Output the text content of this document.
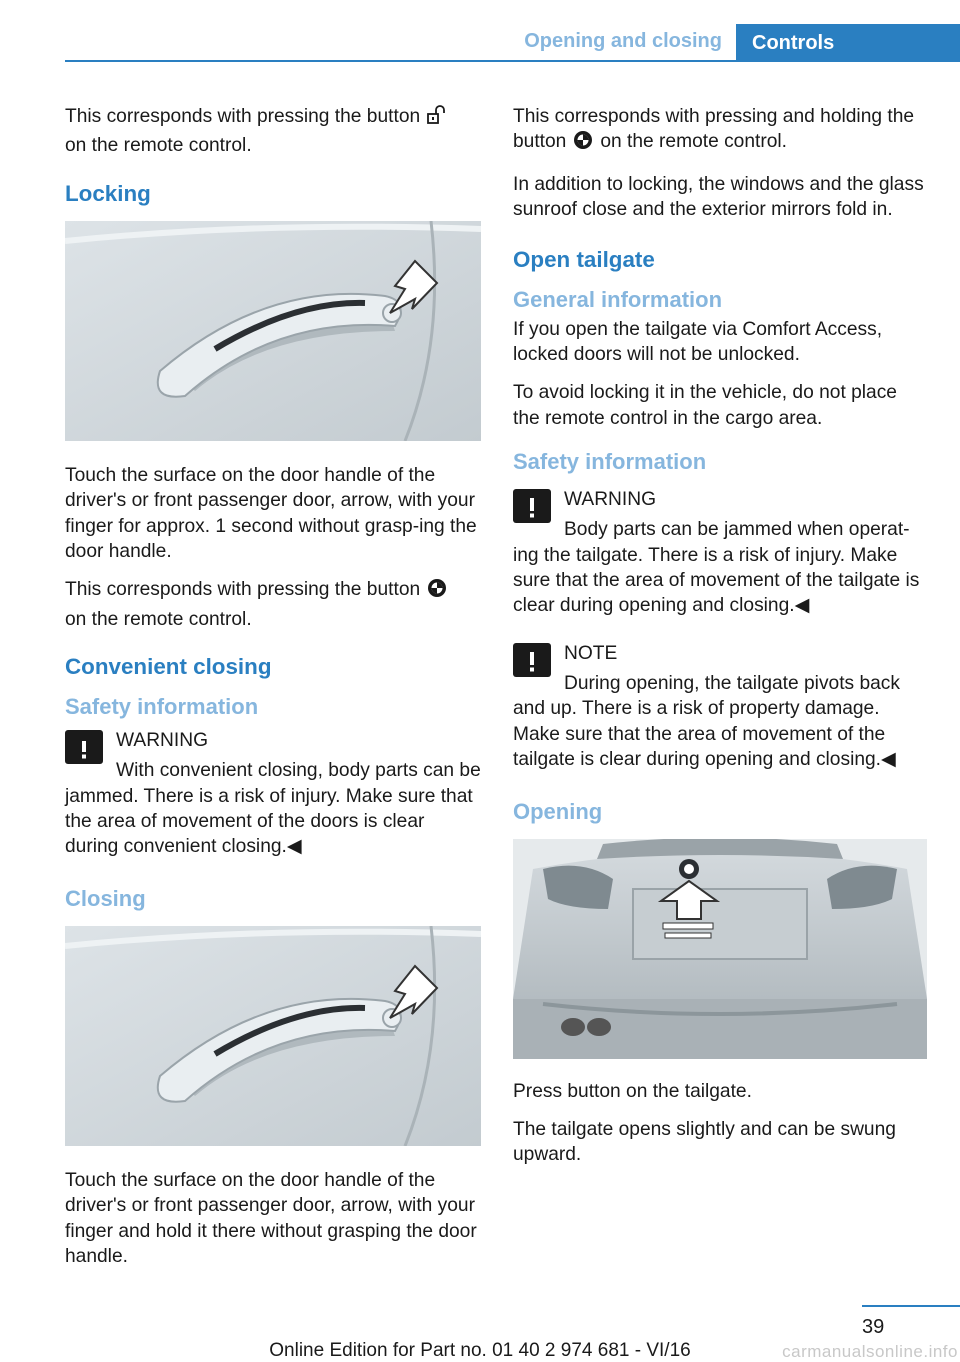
Opening and closing	Controls

This corresponds with pressing the button
on the remote control.

Locking

Touch the surface on the door handle of the driver's or front passenger door, arrow, with your finger for approx. 1 second without grasp‐ing the door handle.

This corresponds with pressing the button
on the remote control.

Convenient closing
Safety information
WARNING

With convenient closing, body parts can be jammed. There is a risk of injury. Make sure that the area of movement of the doors is clear during convenient closing.◀

Closing

Touch the surface on the door handle of the driver's or front passenger door, arrow, with your finger and hold it there without grasping the door handle.

This corresponds with pressing and holding the button on the remote control.

In addition to locking, the windows and the glass sunroof close and the exterior mirrors fold in.

Open tailgate
General information

If you open the tailgate via Comfort Access, locked doors will not be unlocked.

To avoid locking it in the vehicle, do not place the remote control in the cargo area.

Safety information
WARNING

Body parts can be jammed when operat‐ing the tailgate. There is a risk of injury. Make sure that the area of movement of the tailgate is clear during opening and closing.◀

NOTE

During opening, the tailgate pivots back and up. There is a risk of property damage. Make sure that the area of movement of the tailgate is clear during opening and closing.◀

Opening

Press button on the tailgate.

The tailgate opens slightly and can be swung upward.

39
Online Edition for Part no. 01 40 2 974 681 - VI/16	carmanualsonline.info
